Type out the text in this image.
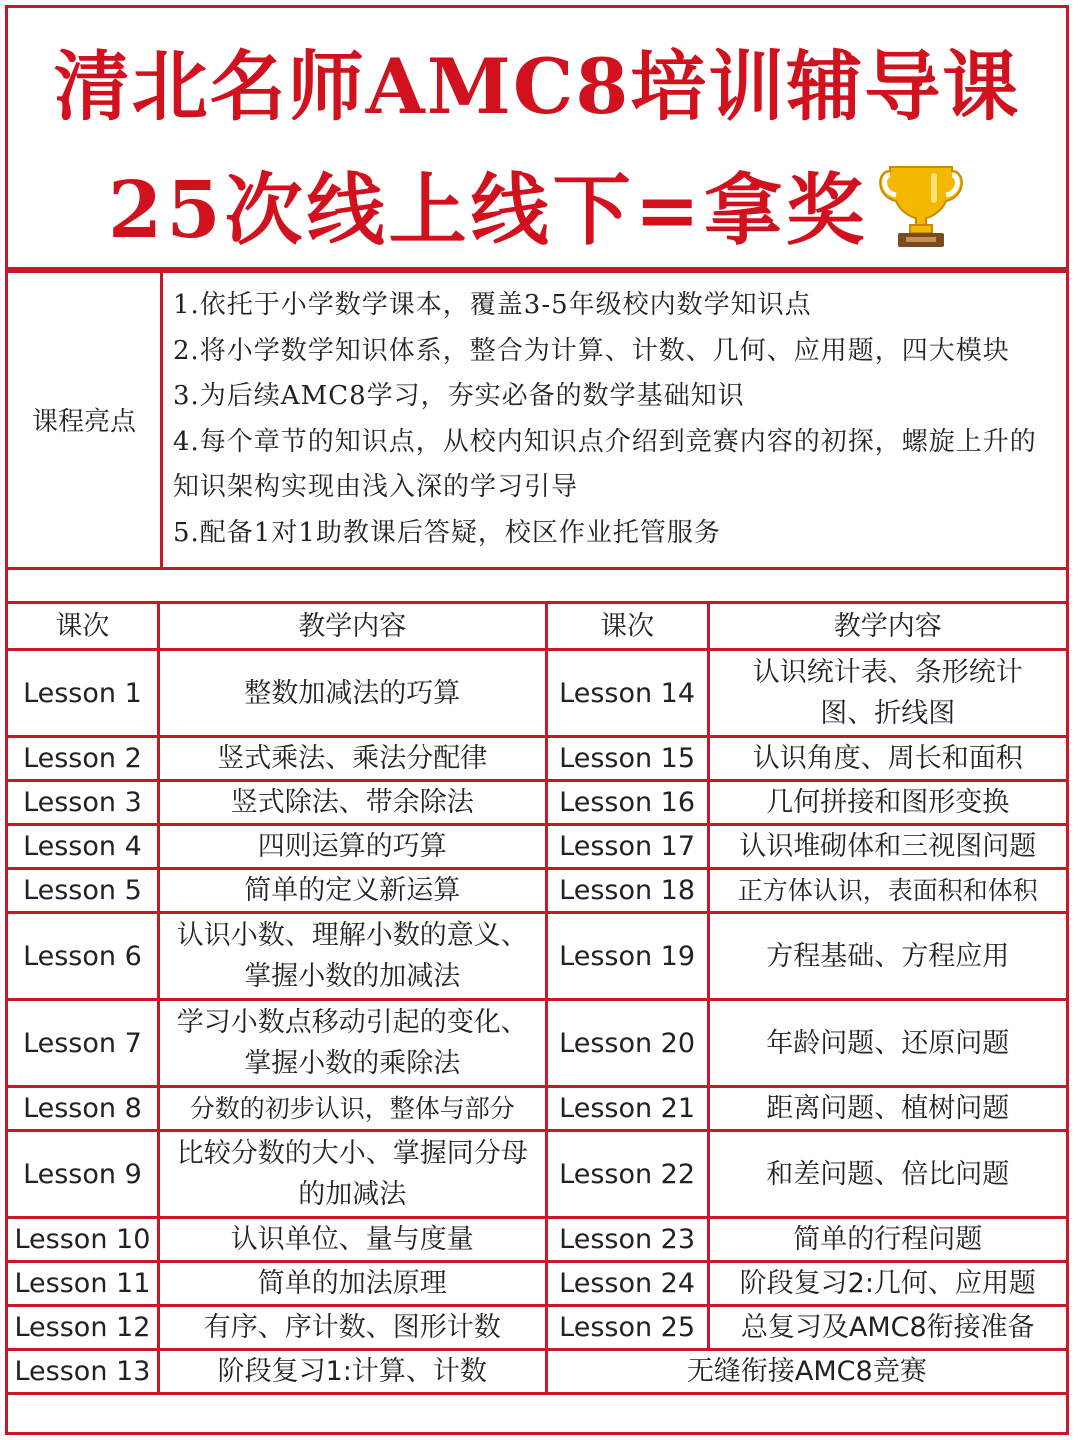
清北名师AMC8培训辅导课
25次线上线下=拿奖
课程亮点	
1.依托于小学数学课本，覆盖3-5年级校内数学知识点
2.将小学数学知识体系，整合为计算、计数、几何、应用题，四大模块
3.为后续AMC8学习，夯实必备的数学基础知识
4.每个章节的知识点，从校内知识点介绍到竞赛内容的初探，螺旋上升的知识架构实现由浅入深的学习引导
5.配备1对1助教课后答疑，校区作业托管服务
课次	教学内容	课次	教学内容
Lesson 1	整数加减法的巧算	Lesson 14	认识统计表、条形统计图、折线图
Lesson 2	竖式乘法、乘法分配律	Lesson 15	认识角度、周长和面积
Lesson 3	竖式除法、带余除法	Lesson 16	几何拼接和图形变换
Lesson 4	四则运算的巧算	Lesson 17	认识堆砌体和三视图问题
Lesson 5	简单的定义新运算	Lesson 18	正方体认识，表面积和体积
Lesson 6	认识小数、理解小数的意义、掌握小数的加减法	Lesson 19	方程基础、方程应用
Lesson 7	学习小数点移动引起的变化、掌握小数的乘除法	Lesson 20	年龄问题、还原问题
Lesson 8	分数的初步认识，整体与部分	Lesson 21	距离问题、植树问题
Lesson 9	比较分数的大小、掌握同分母的加减法	Lesson 22	和差问题、倍比问题
Lesson 10	认识单位、量与度量	Lesson 23	简单的行程问题
Lesson 11	简单的加法原理	Lesson 24	阶段复习2:几何、应用题
Lesson 12	有序、序计数、图形计数	Lesson 25	总复习及AMC8衔接准备
Lesson 13	阶段复习1:计算、计数	无缝衔接AMC8竞赛	
